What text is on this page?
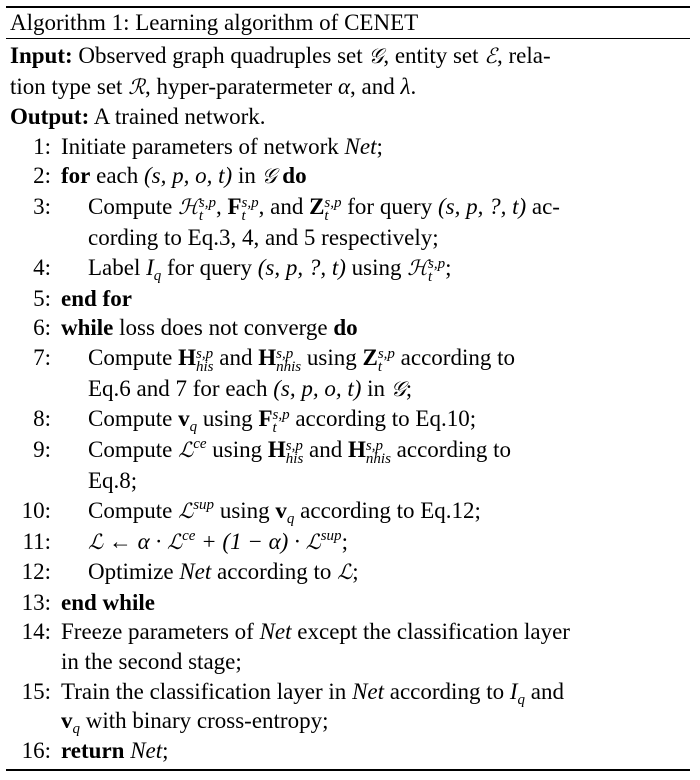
Algorithm 1: Learning algorithm of CENET
Input: Observed graph quadruples set 𝒢, entity set ℰ, rela-
tion type set ℛ, hyper-paratermeter α, and λ.
Output: A trained network.
1: Initiate parameters of network Net;
2: for each (s, p, o, t) in 𝒢 do
3:	Compute ℋ s,p
t , F s,p
t , and Z s,p
t for query (s, p, ?, t) ac-
cording to Eq.3, 4, and 5 respectively;
4:	Label $I_q$ for query (s, p, ?, t) using ℋ s,p
t ;
5: end for
6: while loss does not converge do
7:	Compute H s,p
his and H s,p
nhis using Z s,p
t according to
Eq.6 and 7 for each (s, p, o, t) in 𝒢;
8:	Compute $v_q$ using F s,p
t according to Eq.10;
9:	Compute ℒ$^{ce}$ using H s,p
his and H s,p
nhis according to
Eq.8;
10:	Compute ℒ$^{sup}$ using $v_q$ according to Eq.12;
11:	ℒ ← α · ℒ$^{ce}$ + (1 − α) · ℒ$^{sup}$;
12:	Optimize Net according to ℒ;
13: end while
14: Freeze parameters of Net except the classification layer
in the second stage;
15: Train the classification layer in Net according to $I_q$ and
$v_q$ with binary cross-entropy;
16: return Net;
